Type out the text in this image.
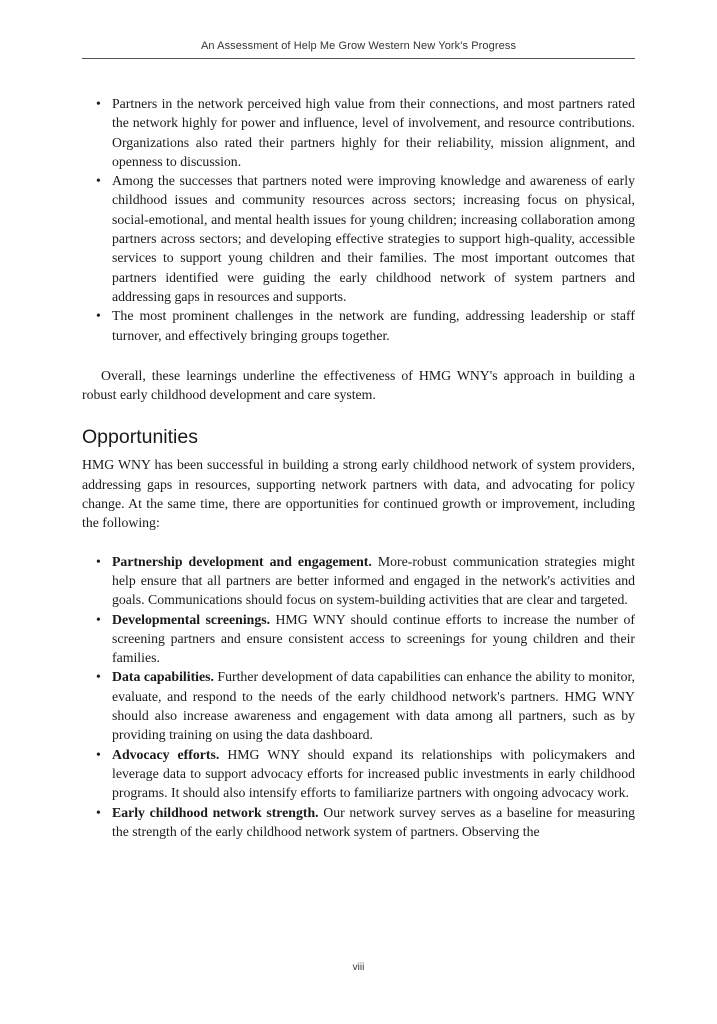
An Assessment of Help Me Grow Western New York's Progress
• Partners in the network perceived high value from their connections, and most partners rated the network highly for power and influence, level of involvement, and resource contributions. Organizations also rated their partners highly for their reliability, mission alignment, and openness to discussion.
• Among the successes that partners noted were improving knowledge and awareness of early childhood issues and community resources across sectors; increasing focus on physical, social-emotional, and mental health issues for young children; increasing collaboration among partners across sectors; and developing effective strategies to support high-quality, accessible services to support young children and their families. The most important outcomes that partners identified were guiding the early childhood network of system partners and addressing gaps in resources and supports.
• The most prominent challenges in the network are funding, addressing leadership or staff turnover, and effectively bringing groups together.

Overall, these learnings underline the effectiveness of HMG WNY's approach in building a robust early childhood development and care system.

Opportunities

HMG WNY has been successful in building a strong early childhood network of system providers, addressing gaps in resources, supporting network partners with data, and advocating for policy change. At the same time, there are opportunities for continued growth or improvement, including the following:

• Partnership development and engagement. More-robust communication strategies might help ensure that all partners are better informed and engaged in the network's activities and goals. Communications should focus on system-building activities that are clear and targeted.
• Developmental screenings. HMG WNY should continue efforts to increase the number of screening partners and ensure consistent access to screenings for young children and their families.
• Data capabilities. Further development of data capabilities can enhance the ability to monitor, evaluate, and respond to the needs of the early childhood network's partners. HMG WNY should also increase awareness and engagement with data among all partners, such as by providing training on using the data dashboard.
• Advocacy efforts. HMG WNY should expand its relationships with policymakers and leverage data to support advocacy efforts for increased public investments in early childhood programs. It should also intensify efforts to familiarize partners with ongoing advocacy work.
• Early childhood network strength. Our network survey serves as a baseline for measuring the strength of the early childhood network system of partners. Observing the
viii
